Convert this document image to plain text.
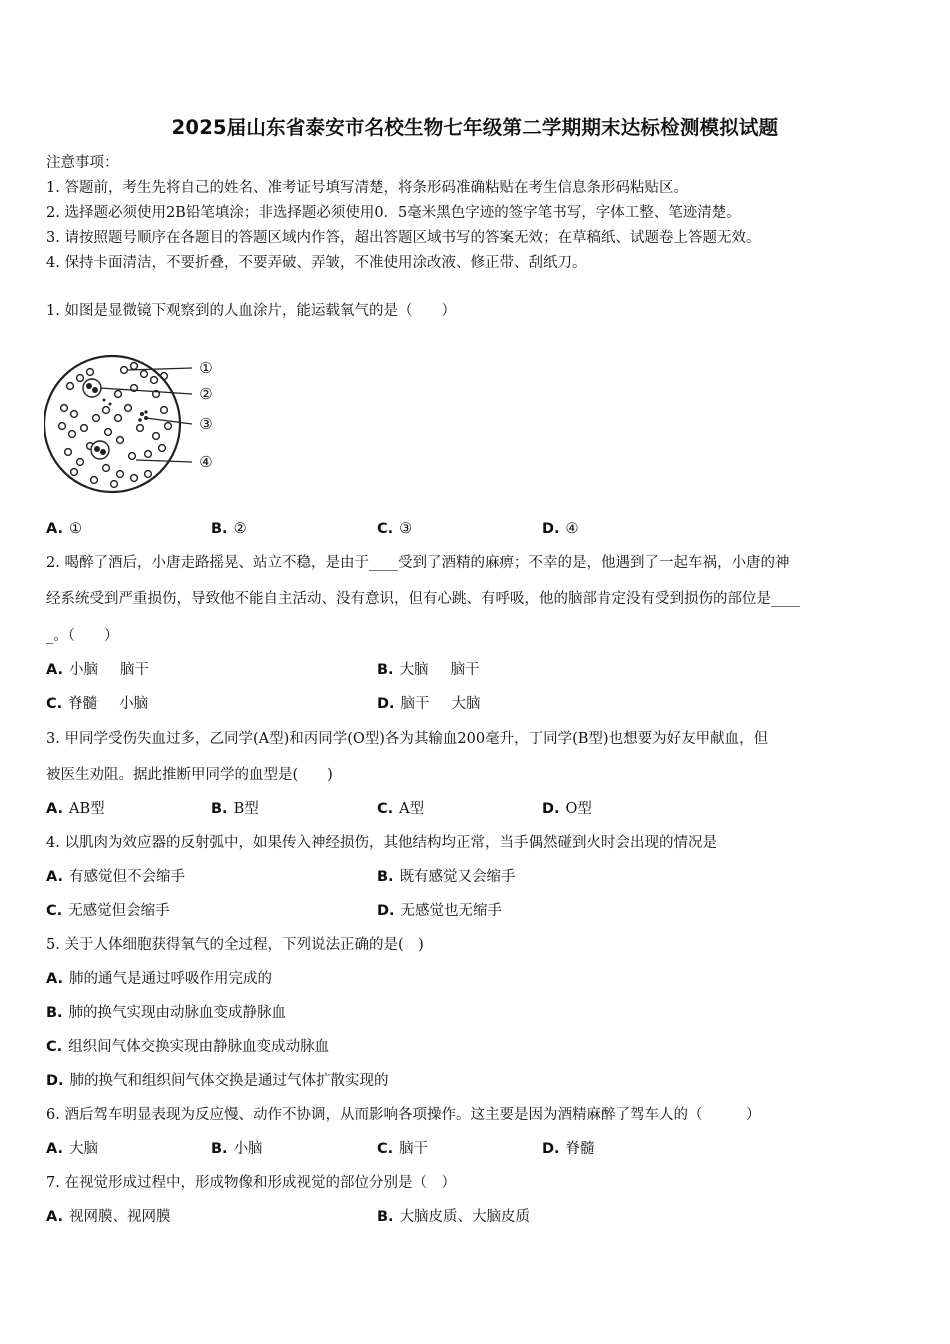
2025届山东省泰安市名校生物七年级第二学期期末达标检测模拟试题
注意事项：
1. 答题前，考生先将自己的姓名、准考证号填写清楚，将条形码准确粘贴在考生信息条形码粘贴区。
2. 选择题必须使用2B铅笔填涂；非选择题必须使用0．5毫米黑色字迹的签字笔书写，字体工整、笔迹清楚。
3. 请按照题号顺序在各题目的答题区域内作答，超出答题区域书写的答案无效；在草稿纸、试题卷上答题无效。
4. 保持卡面清洁，不要折叠，不要弄破、弄皱，不准使用涂改液、修正带、刮纸刀。
1. 如图是显微镜下观察到的人血涂片，能运载氧气的是（　　）
①
②
③
④
A. ①	B. ②	C. ③	D. ④
2. 喝醉了酒后，小唐走路摇晃、站立不稳，是由于____受到了酒精的麻痹；不幸的是，他遇到了一起车祸，小唐的神
经系统受到严重损伤，导致他不能自主活动、没有意识，但有心跳、有呼吸，他的脑部肯定没有受到损伤的部位是____
_。（　　）
A. 小脑 脑干	B. 大脑 脑干
C. 脊髓 小脑	D. 脑干 大脑
3. 甲同学受伤失血过多，乙同学(A型)和丙同学(O型)各为其输血200毫升，丁同学(B型)也想要为好友甲献血，但
被医生劝阻。据此推断甲同学的血型是(　　)
A. AB型	B. B型	C. A型	D. O型
4. 以肌肉为效应器的反射弧中，如果传入神经损伤，其他结构均正常，当手偶然碰到火时会出现的情况是
A. 有感觉但不会缩手	B. 既有感觉又会缩手
C. 无感觉但会缩手	D. 无感觉也无缩手
5. 关于人体细胞获得氧气的全过程，下列说法正确的是(　)
A. 肺的通气是通过呼吸作用完成的
B. 肺的换气实现由动脉血变成静脉血
C. 组织间气体交换实现由静脉血变成动脉血
D. 肺的换气和组织间气体交换是通过气体扩散实现的
6. 酒后驾车明显表现为反应慢、动作不协调，从而影响各项操作。这主要是因为酒精麻醉了驾车人的（　　　）
A. 大脑	B. 小脑	C. 脑干	D. 脊髓
7. 在视觉形成过程中，形成物像和形成视觉的部位分别是（　）
A. 视网膜、视网膜	B. 大脑皮质、大脑皮质
